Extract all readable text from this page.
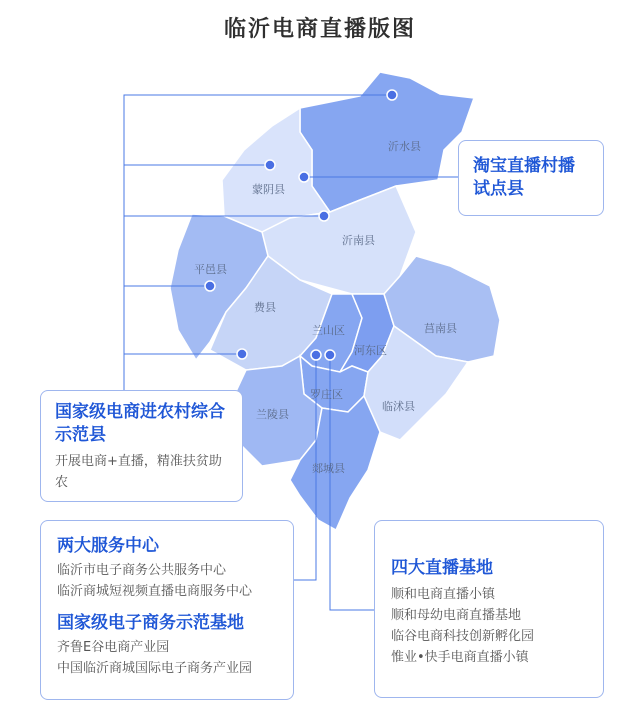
临沂电商直播版图
沂水县
蒙阴县
沂南县
平邑县
费县
兰山区
河东区
莒南县
罗庄区
兰陵县
临沭县
郯城县
淘宝直播村播试点县
国家级电商进农村综合示范县
开展电商+直播，精准扶贫助农
两大服务中心
临沂市电子商务公共服务中心
临沂商城短视频直播电商服务中心
国家级电子商务示范基地
齐鲁E谷电商产业园
中国临沂商城国际电子商务产业园
四大直播基地
顺和电商直播小镇
顺和母幼电商直播基地
临谷电商科技创新孵化园
惟业•快手电商直播小镇
